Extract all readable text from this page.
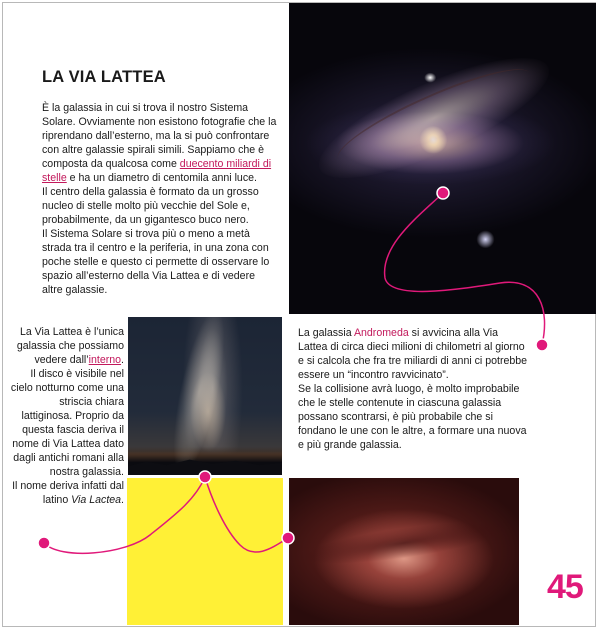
LA VIA LATTEA
È la galassia in cui si trova il nostro Sistema Solare. Ovviamente non esistono fotografie che la riprendano dall’esterno, ma la si può confrontare con altre galassie spirali simili. Sappiamo che è composta da qualcosa come duecento miliardi di stelle e ha un diametro di centomila anni luce.
Il centro della galassia è formato da un grosso nucleo di stelle molto più vecchie del Sole e, probabilmente, da un gigantesco buco nero.
Il Sistema Solare si trova più o meno a metà strada tra il centro e la periferia, in una zona con poche stelle e questo ci permette di osservare lo spazio all’esterno della Via Lattea e di vedere altre galassie.
La Via Lattea è l’unica galassia che possiamo vedere dall’interno.
Il disco è visibile nel cielo notturno come una striscia chiara lattiginosa. Proprio da questa fascia deriva il nome di Via Lattea dato dagli antichi romani alla nostra galassia.
Il nome deriva infatti dal latino Via Lactea.
La galassia Andromeda si avvicina alla Via Lattea di circa dieci milioni di chilometri al giorno e si calcola che fra tre miliardi di anni ci potrebbe essere un “incontro ravvicinato”.
Se la collisione avrà luogo, è molto improbabile che le stelle contenute in ciascuna galassia possano scontrarsi, è più probabile che si fondano le une con le altre, a formare una nuova e più grande galassia.

45
